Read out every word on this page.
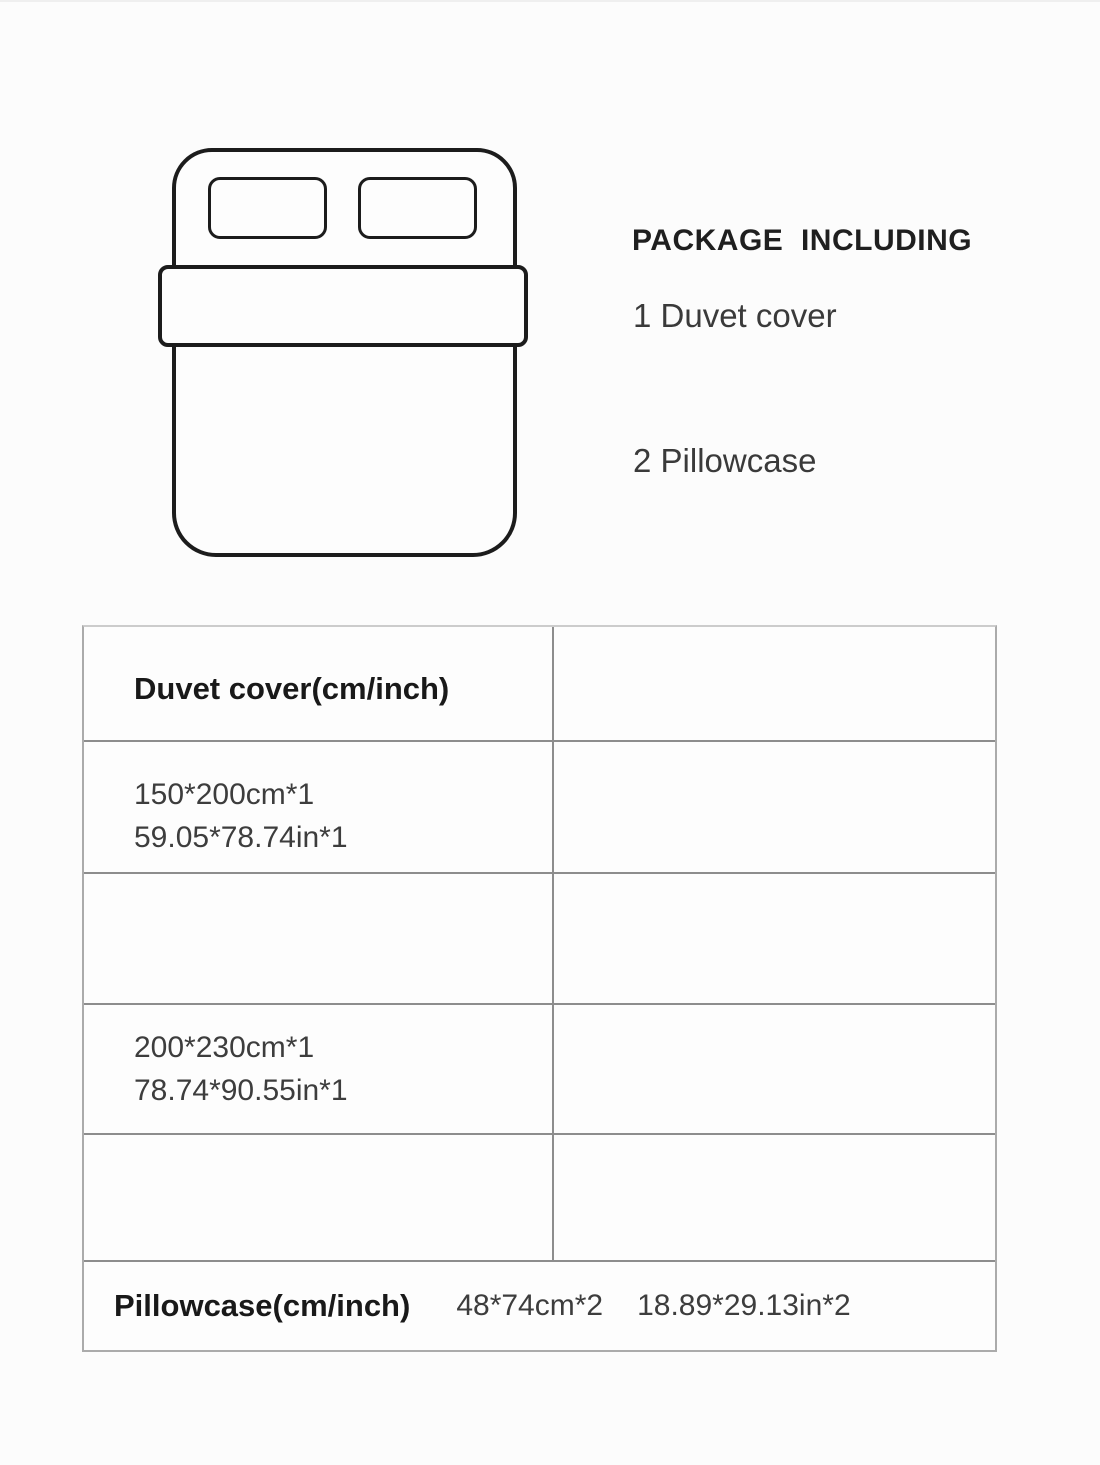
PACKAGE  INCLUDING
1 Duvet cover
2 Pillowcase
Duvet cover(cm/inch)
150*200cm*1
59.05*78.74in*1
200*230cm*1
78.74*90.55in*1
Pillowcase(cm/inch) 48*74cm*2 18.89*29.13in*2
